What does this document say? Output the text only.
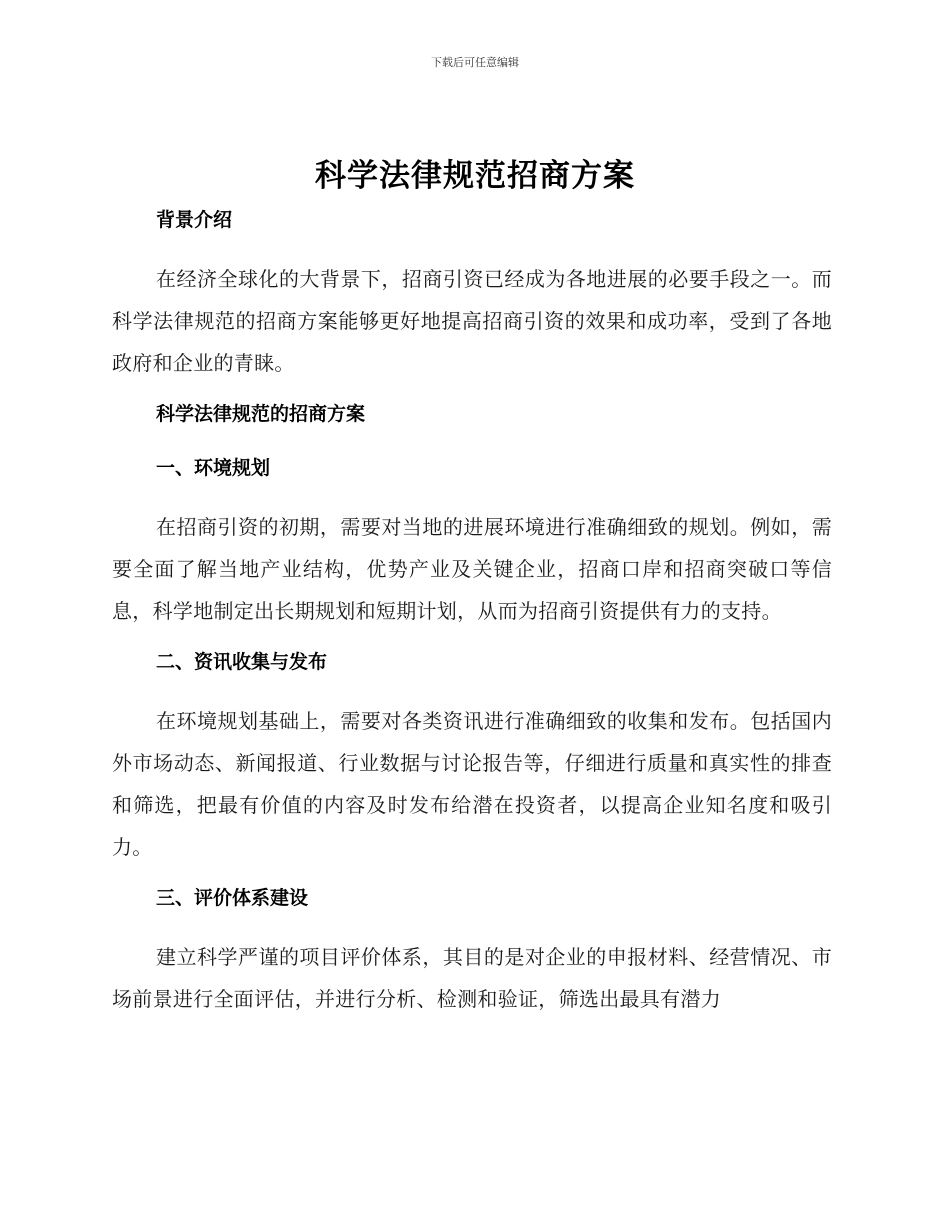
下载后可任意编辑
科学法律规范招商方案
背景介绍

在经济全球化的大背景下，招商引资已经成为各地进展的必要手段之一。而科学法律规范的招商方案能够更好地提高招商引资的效果和成功率，受到了各地政府和企业的青睐。

科学法律规范的招商方案
一、环境规划

在招商引资的初期，需要对当地的进展环境进行准确细致的规划。例如，需要全面了解当地产业结构，优势产业及关键企业，招商口岸和招商突破口等信息，科学地制定出长期规划和短期计划，从而为招商引资提供有力的支持。

二、资讯收集与发布

在环境规划基础上，需要对各类资讯进行准确细致的收集和发布。包括国内外市场动态、新闻报道、行业数据与讨论报告等，仔细进行质量和真实性的排查和筛选，把最有价值的内容及时发布给潜在投资者，以提高企业知名度和吸引力。

三、评价体系建设

建立科学严谨的项目评价体系，其目的是对企业的申报材料、经营情况、市场前景进行全面评估，并进行分析、检测和验证，筛选出最具有潜力
